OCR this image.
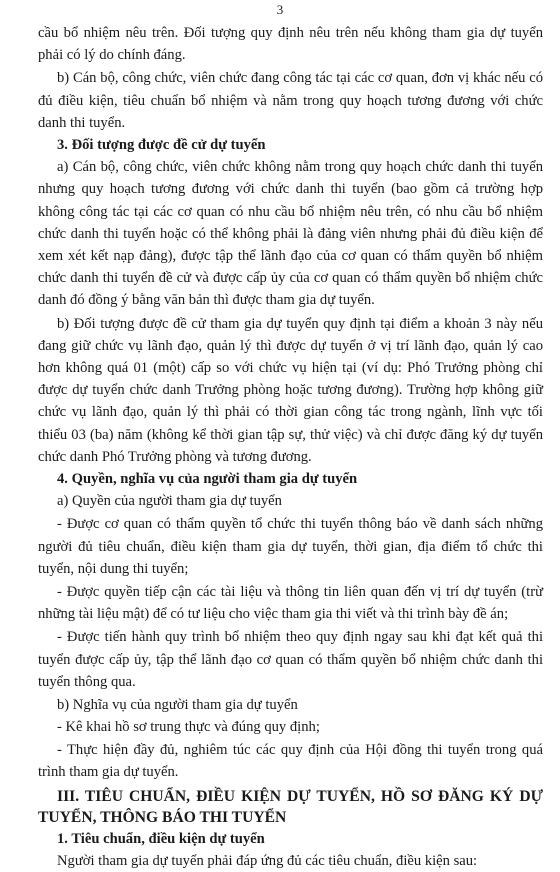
3

cầu bổ nhiệm nêu trên. Đối tượng quy định nêu trên nếu không tham gia dự tuyển phải có lý do chính đáng.

b) Cán bộ, công chức, viên chức đang công tác tại các cơ quan, đơn vị khác nếu có đủ điều kiện, tiêu chuẩn bổ nhiệm và nằm trong quy hoạch tương đương với chức danh thi tuyển.

3. Đối tượng được đề cử dự tuyển

a) Cán bộ, công chức, viên chức không nằm trong quy hoạch chức danh thi tuyển nhưng quy hoạch tương đương với chức danh thi tuyển (bao gồm cả trường hợp không công tác tại các cơ quan có nhu cầu bổ nhiệm nêu trên, có nhu cầu bổ nhiệm chức danh thi tuyển hoặc có thể không phải là đảng viên nhưng phải đủ điều kiện để xem xét kết nạp đảng), được tập thể lãnh đạo của cơ quan có thẩm quyền bổ nhiệm chức danh thi tuyển đề cử và được cấp ủy của cơ quan có thẩm quyền bổ nhiệm chức danh đó đồng ý bằng văn bản thì được tham gia dự tuyển.

b) Đối tượng được đề cử tham gia dự tuyển quy định tại điểm a khoản 3 này nếu đang giữ chức vụ lãnh đạo, quản lý thì được dự tuyển ở vị trí lãnh đạo, quản lý cao hơn không quá 01 (một) cấp so với chức vụ hiện tại (ví dụ: Phó Trưởng phòng chỉ được dự tuyển chức danh Trưởng phòng hoặc tương đương). Trường hợp không giữ chức vụ lãnh đạo, quản lý thì phải có thời gian công tác trong ngành, lĩnh vực tối thiểu 03 (ba) năm (không kể thời gian tập sự, thử việc) và chỉ được đăng ký dự tuyển chức danh Phó Trưởng phòng và tương đương.

4. Quyền, nghĩa vụ của người tham gia dự tuyển

a) Quyền của người tham gia dự tuyển

- Được cơ quan có thẩm quyền tổ chức thi tuyển thông báo về danh sách những người đủ tiêu chuẩn, điều kiện tham gia dự tuyển, thời gian, địa điểm tổ chức thi tuyển, nội dung thi tuyển;

- Được quyền tiếp cận các tài liệu và thông tin liên quan đến vị trí dự tuyển (trừ những tài liệu mật) để có tư liệu cho việc tham gia thi viết và thi trình bày đề án;

- Được tiến hành quy trình bổ nhiệm theo quy định ngay sau khi đạt kết quả thi tuyển được cấp ủy, tập thể lãnh đạo cơ quan có thẩm quyền bổ nhiệm chức danh thi tuyển thông qua.

b) Nghĩa vụ của người tham gia dự tuyển

- Kê khai hồ sơ trung thực và đúng quy định;

- Thực hiện đầy đủ, nghiêm túc các quy định của Hội đồng thi tuyển trong quá trình tham gia dự tuyển.

III. TIÊU CHUẨN, ĐIỀU KIỆN DỰ TUYỂN, HỒ SƠ ĐĂNG KÝ DỰ TUYỂN, THÔNG BÁO THI TUYỂN
1. Tiêu chuẩn, điều kiện dự tuyển

Người tham gia dự tuyển phải đáp ứng đủ các tiêu chuẩn, điều kiện sau:
